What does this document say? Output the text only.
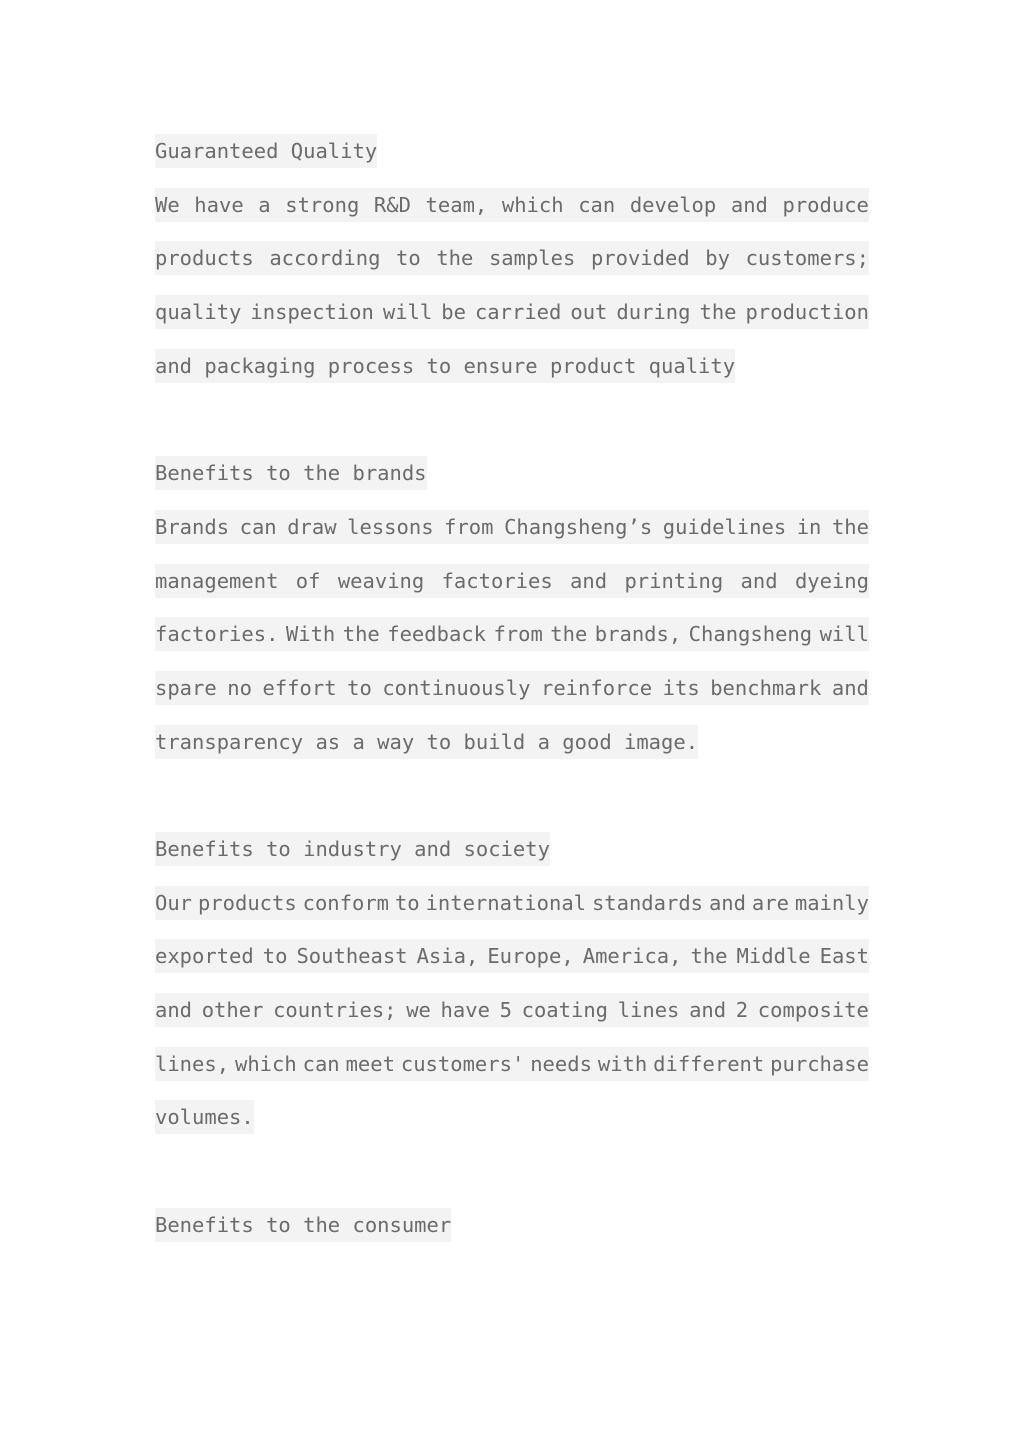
Guaranteed Quality
We have a strong R&D team, which can develop and produce
products according to the samples provided by customers;
quality inspection will be carried out during the production
and packaging process to ensure product quality
Benefits to the brands
Brands can draw lessons from Changsheng’s guidelines in the
management of weaving factories and printing and dyeing
factories. With the feedback from the brands, Changsheng will
spare no effort to continuously reinforce its benchmark and
transparency as a way to build a good image.
Benefits to industry and society
Our products conform to international standards and are mainly
exported to Southeast Asia, Europe, America, the Middle East
and other countries; we have 5 coating lines and 2 composite
lines, which can meet customers' needs with different purchase
volumes.
Benefits to the consumer
